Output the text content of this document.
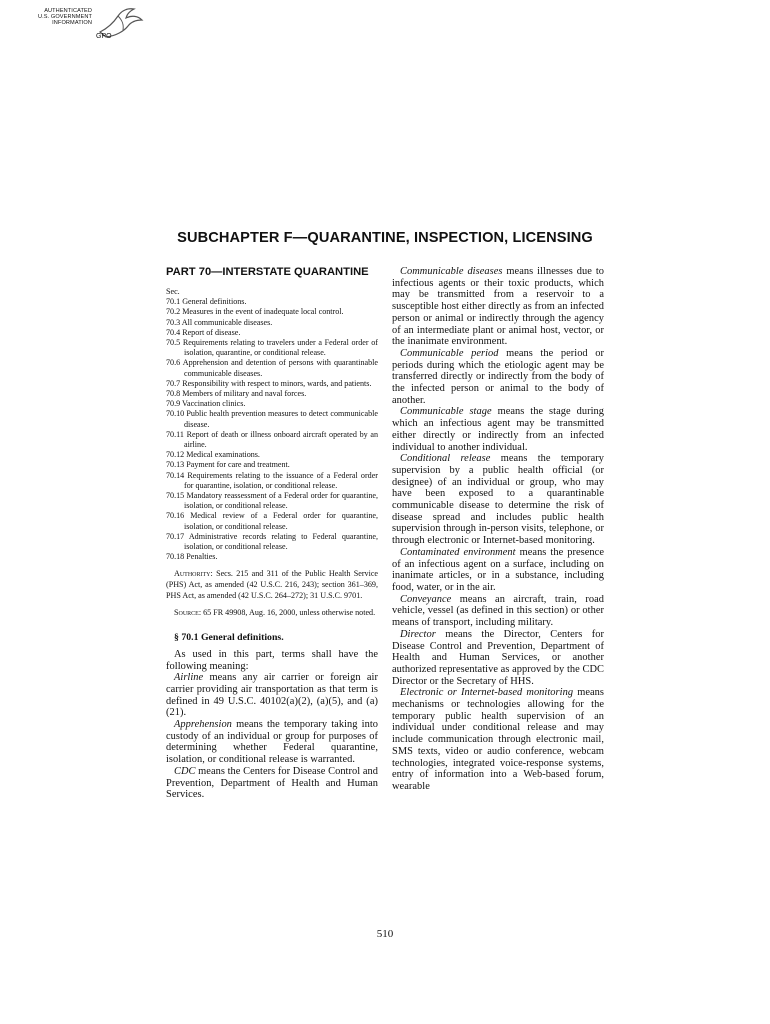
AUTHENTICATED
U.S. GOVERNMENT
INFORMATION
GPO
SUBCHAPTER F—QUARANTINE, INSPECTION, LICENSING
PART 70—INTERSTATE QUARANTINE
Sec.
70.1 General definitions.
70.2 Measures in the event of inadequate local control.
70.3 All communicable diseases.
70.4 Report of disease.
70.5 Requirements relating to travelers under a Federal order of isolation, quarantine, or conditional release.
70.6 Apprehension and detention of persons with quarantinable communicable diseases.
70.7 Responsibility with respect to minors, wards, and patients.
70.8 Members of military and naval forces.
70.9 Vaccination clinics.
70.10 Public health prevention measures to detect communicable disease.
70.11 Report of death or illness onboard aircraft operated by an airline.
70.12 Medical examinations.
70.13 Payment for care and treatment.
70.14 Requirements relating to the issuance of a Federal order for quarantine, isolation, or conditional release.
70.15 Mandatory reassessment of a Federal order for quarantine, isolation, or conditional release.
70.16 Medical review of a Federal order for quarantine, isolation, or conditional release.
70.17 Administrative records relating to Federal quarantine, isolation, or conditional release.
70.18 Penalties.
Authority: Secs. 215 and 311 of the Public Health Service (PHS) Act, as amended (42 U.S.C. 216, 243); section 361–369, PHS Act, as amended (42 U.S.C. 264–272); 31 U.S.C. 9701.
Source: 65 FR 49908, Aug. 16, 2000, unless otherwise noted.
§ 70.1 General definitions.

As used in this part, terms shall have the following meaning:

Airline means any air carrier or foreign air carrier providing air transportation as that term is defined in 49 U.S.C. 40102(a)(2), (a)(5), and (a)(21).

Apprehension means the temporary taking into custody of an individual or group for purposes of determining whether Federal quarantine, isolation, or conditional release is warranted.

CDC means the Centers for Disease Control and Prevention, Department of Health and Human Services.

Communicable diseases means illnesses due to infectious agents or their toxic products, which may be transmitted from a reservoir to a susceptible host either directly as from an infected person or animal or indirectly through the agency of an intermediate plant or animal host, vector, or the inanimate environment.

Communicable period means the period or periods during which the etiologic agent may be transferred directly or indirectly from the body of the infected person or animal to the body of another.

Communicable stage means the stage during which an infectious agent may be transmitted either directly or indirectly from an infected individual to another individual.

Conditional release means the temporary supervision by a public health official (or designee) of an individual or group, who may have been exposed to a quarantinable communicable disease to determine the risk of disease spread and includes public health supervision through in-person visits, telephone, or through electronic or Internet-based monitoring.

Contaminated environment means the presence of an infectious agent on a surface, including on inanimate articles, or in a substance, including food, water, or in the air.

Conveyance means an aircraft, train, road vehicle, vessel (as defined in this section) or other means of transport, including military.

Director means the Director, Centers for Disease Control and Prevention, Department of Health and Human Services, or another authorized representative as approved by the CDC Director or the Secretary of HHS.

Electronic or Internet-based monitoring means mechanisms or technologies allowing for the temporary public health supervision of an individual under conditional release and may include communication through electronic mail, SMS texts, video or audio conference, webcam technologies, integrated voice-response systems, entry of information into a Web-based forum, wearable

510
